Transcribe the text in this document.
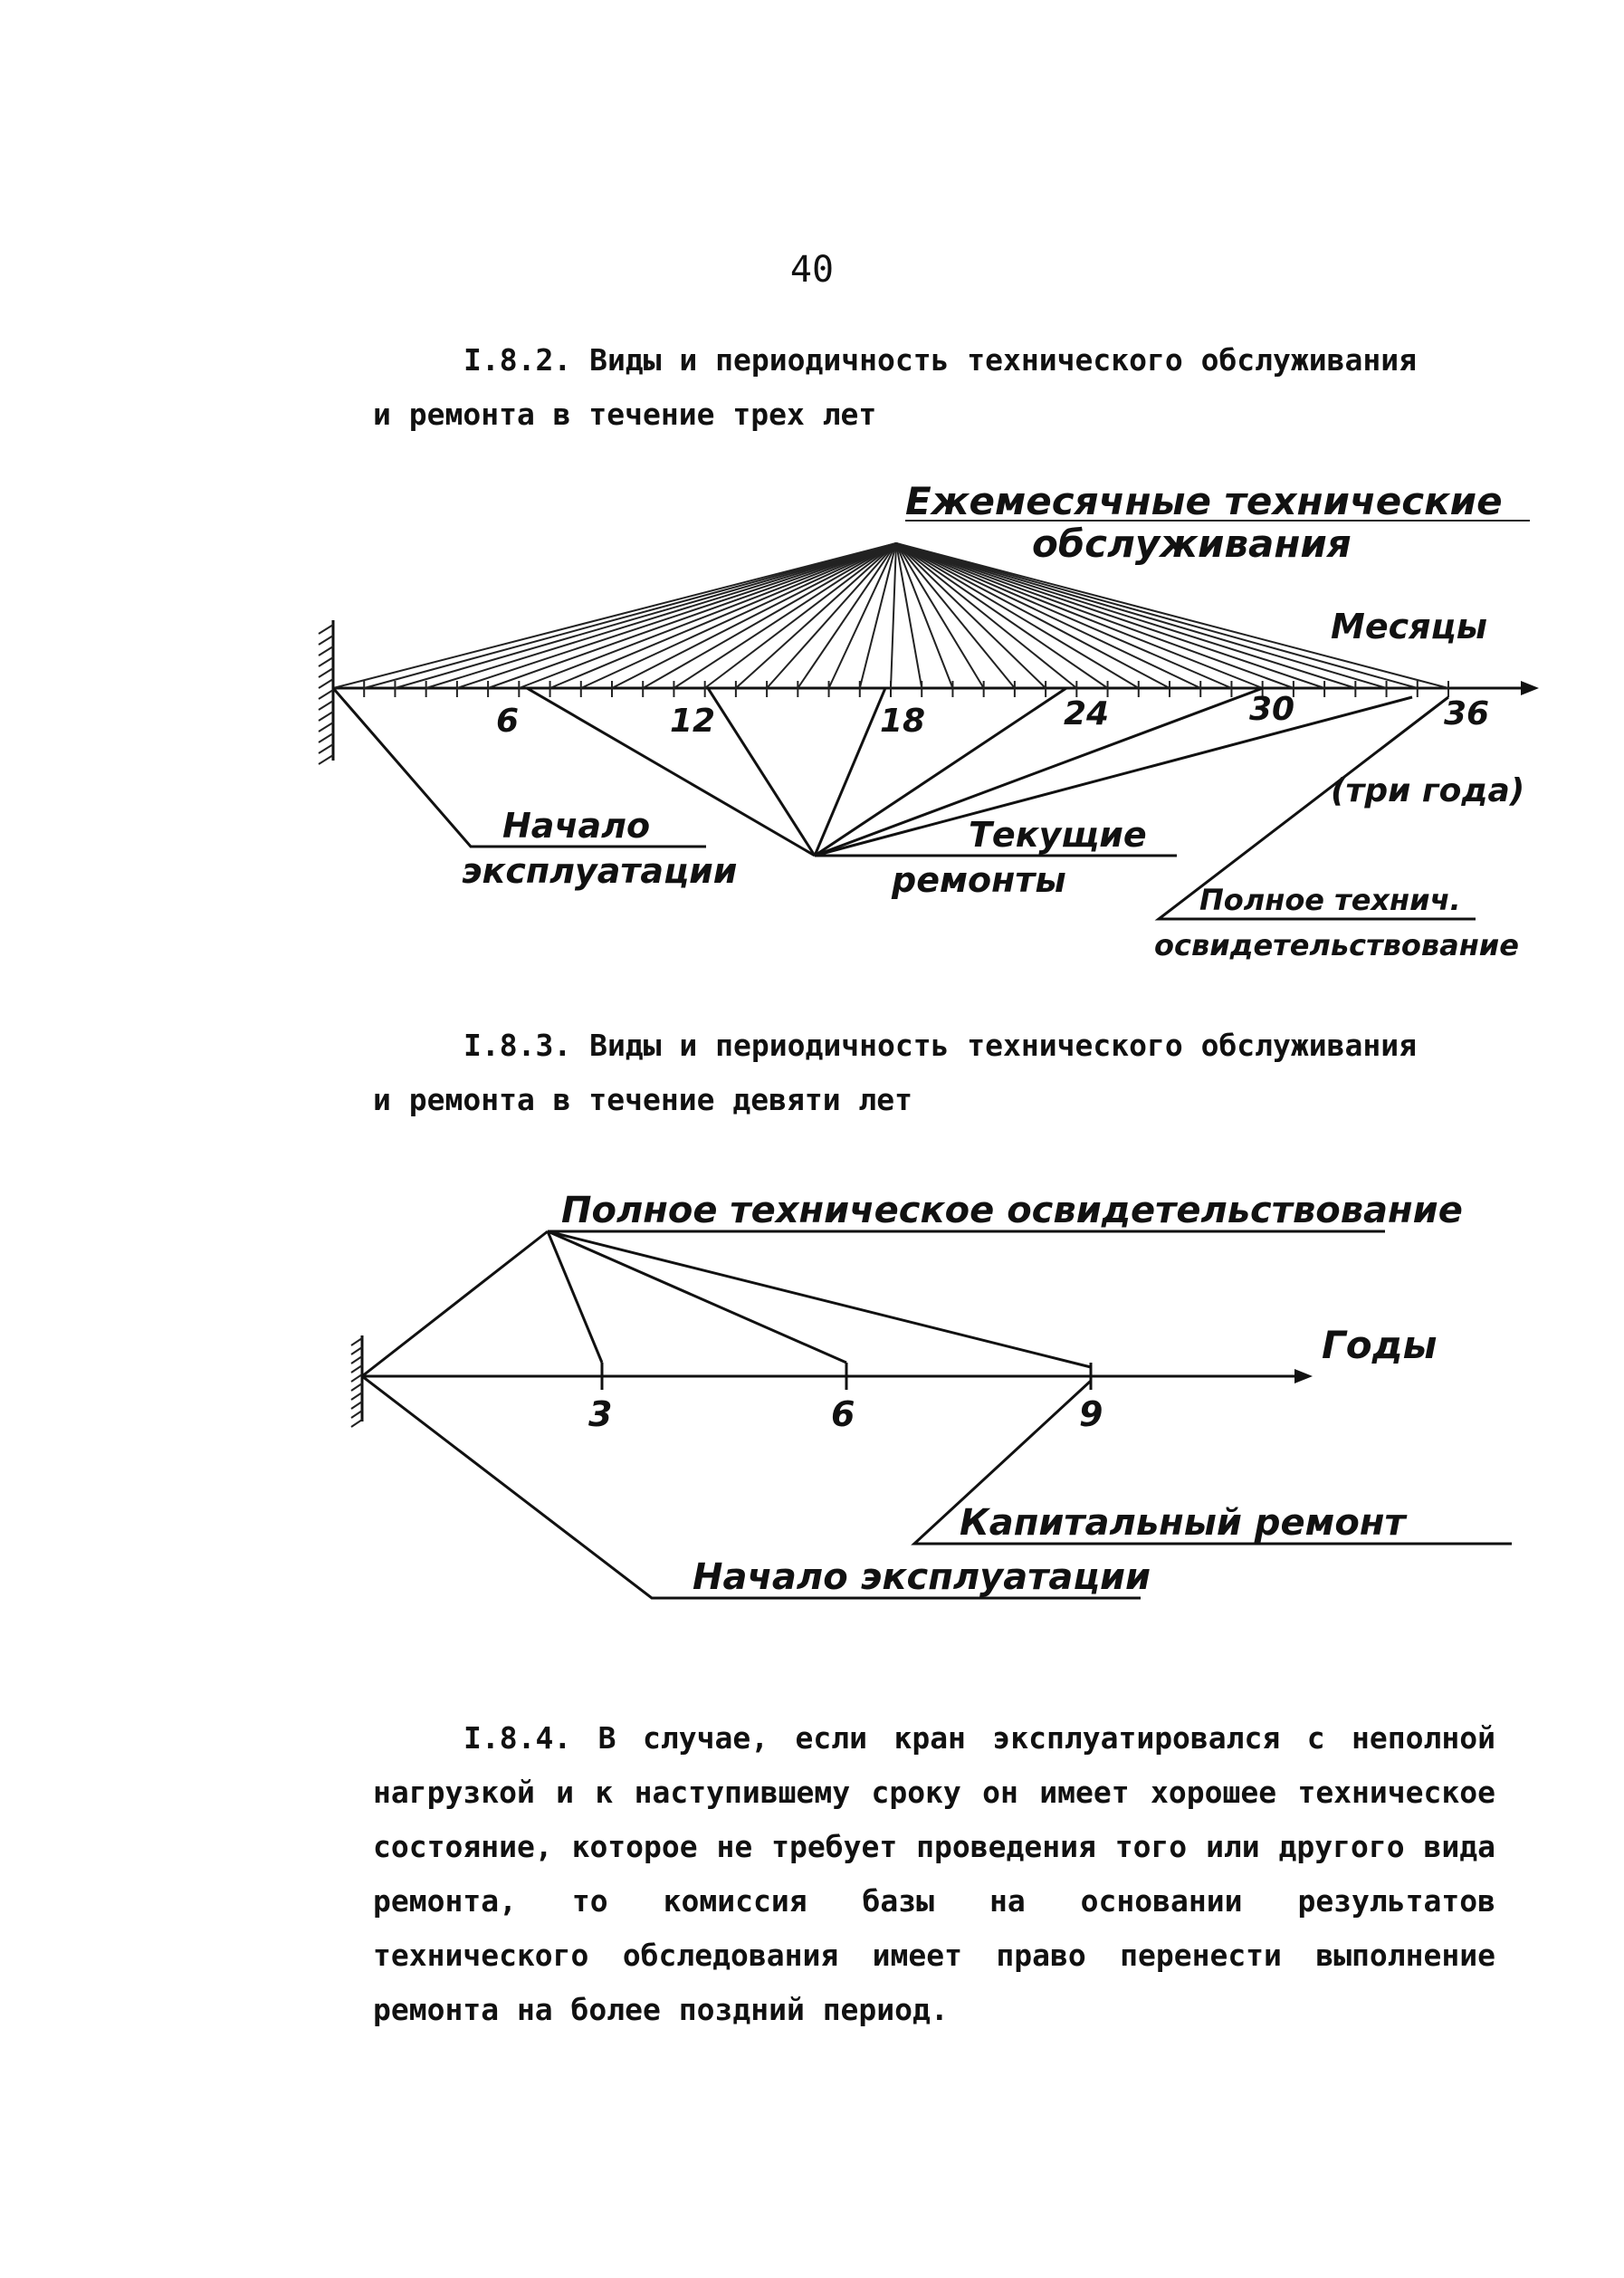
40
I.8.2. Виды и периодичность технического обслуживания и ремонта в течение трех лет
Ежемесячные технические
обслуживания
Месяцы
6	12	18	24	30	36
(три года)
Начало
эксплуатации
Текущие
ремонты	Полное технич.
освидетельствование
I.8.3. Виды и периодичность технического обслуживания и ремонта в течение девяти лет
Полное техническое освидетельствование
Годы
3	6	9
Капитальный ремонт
Начало эксплуатации
I.8.4. В случае, если кран эксплуатировался с неполной нагрузкой и к наступившему сроку он имеет хорошее техническое состояние, которое не требует проведения того или другого вида ремонта, то комиссия базы на основании результатов технического обследования имеет право перенести выполнение ремонта на более поздний период.
